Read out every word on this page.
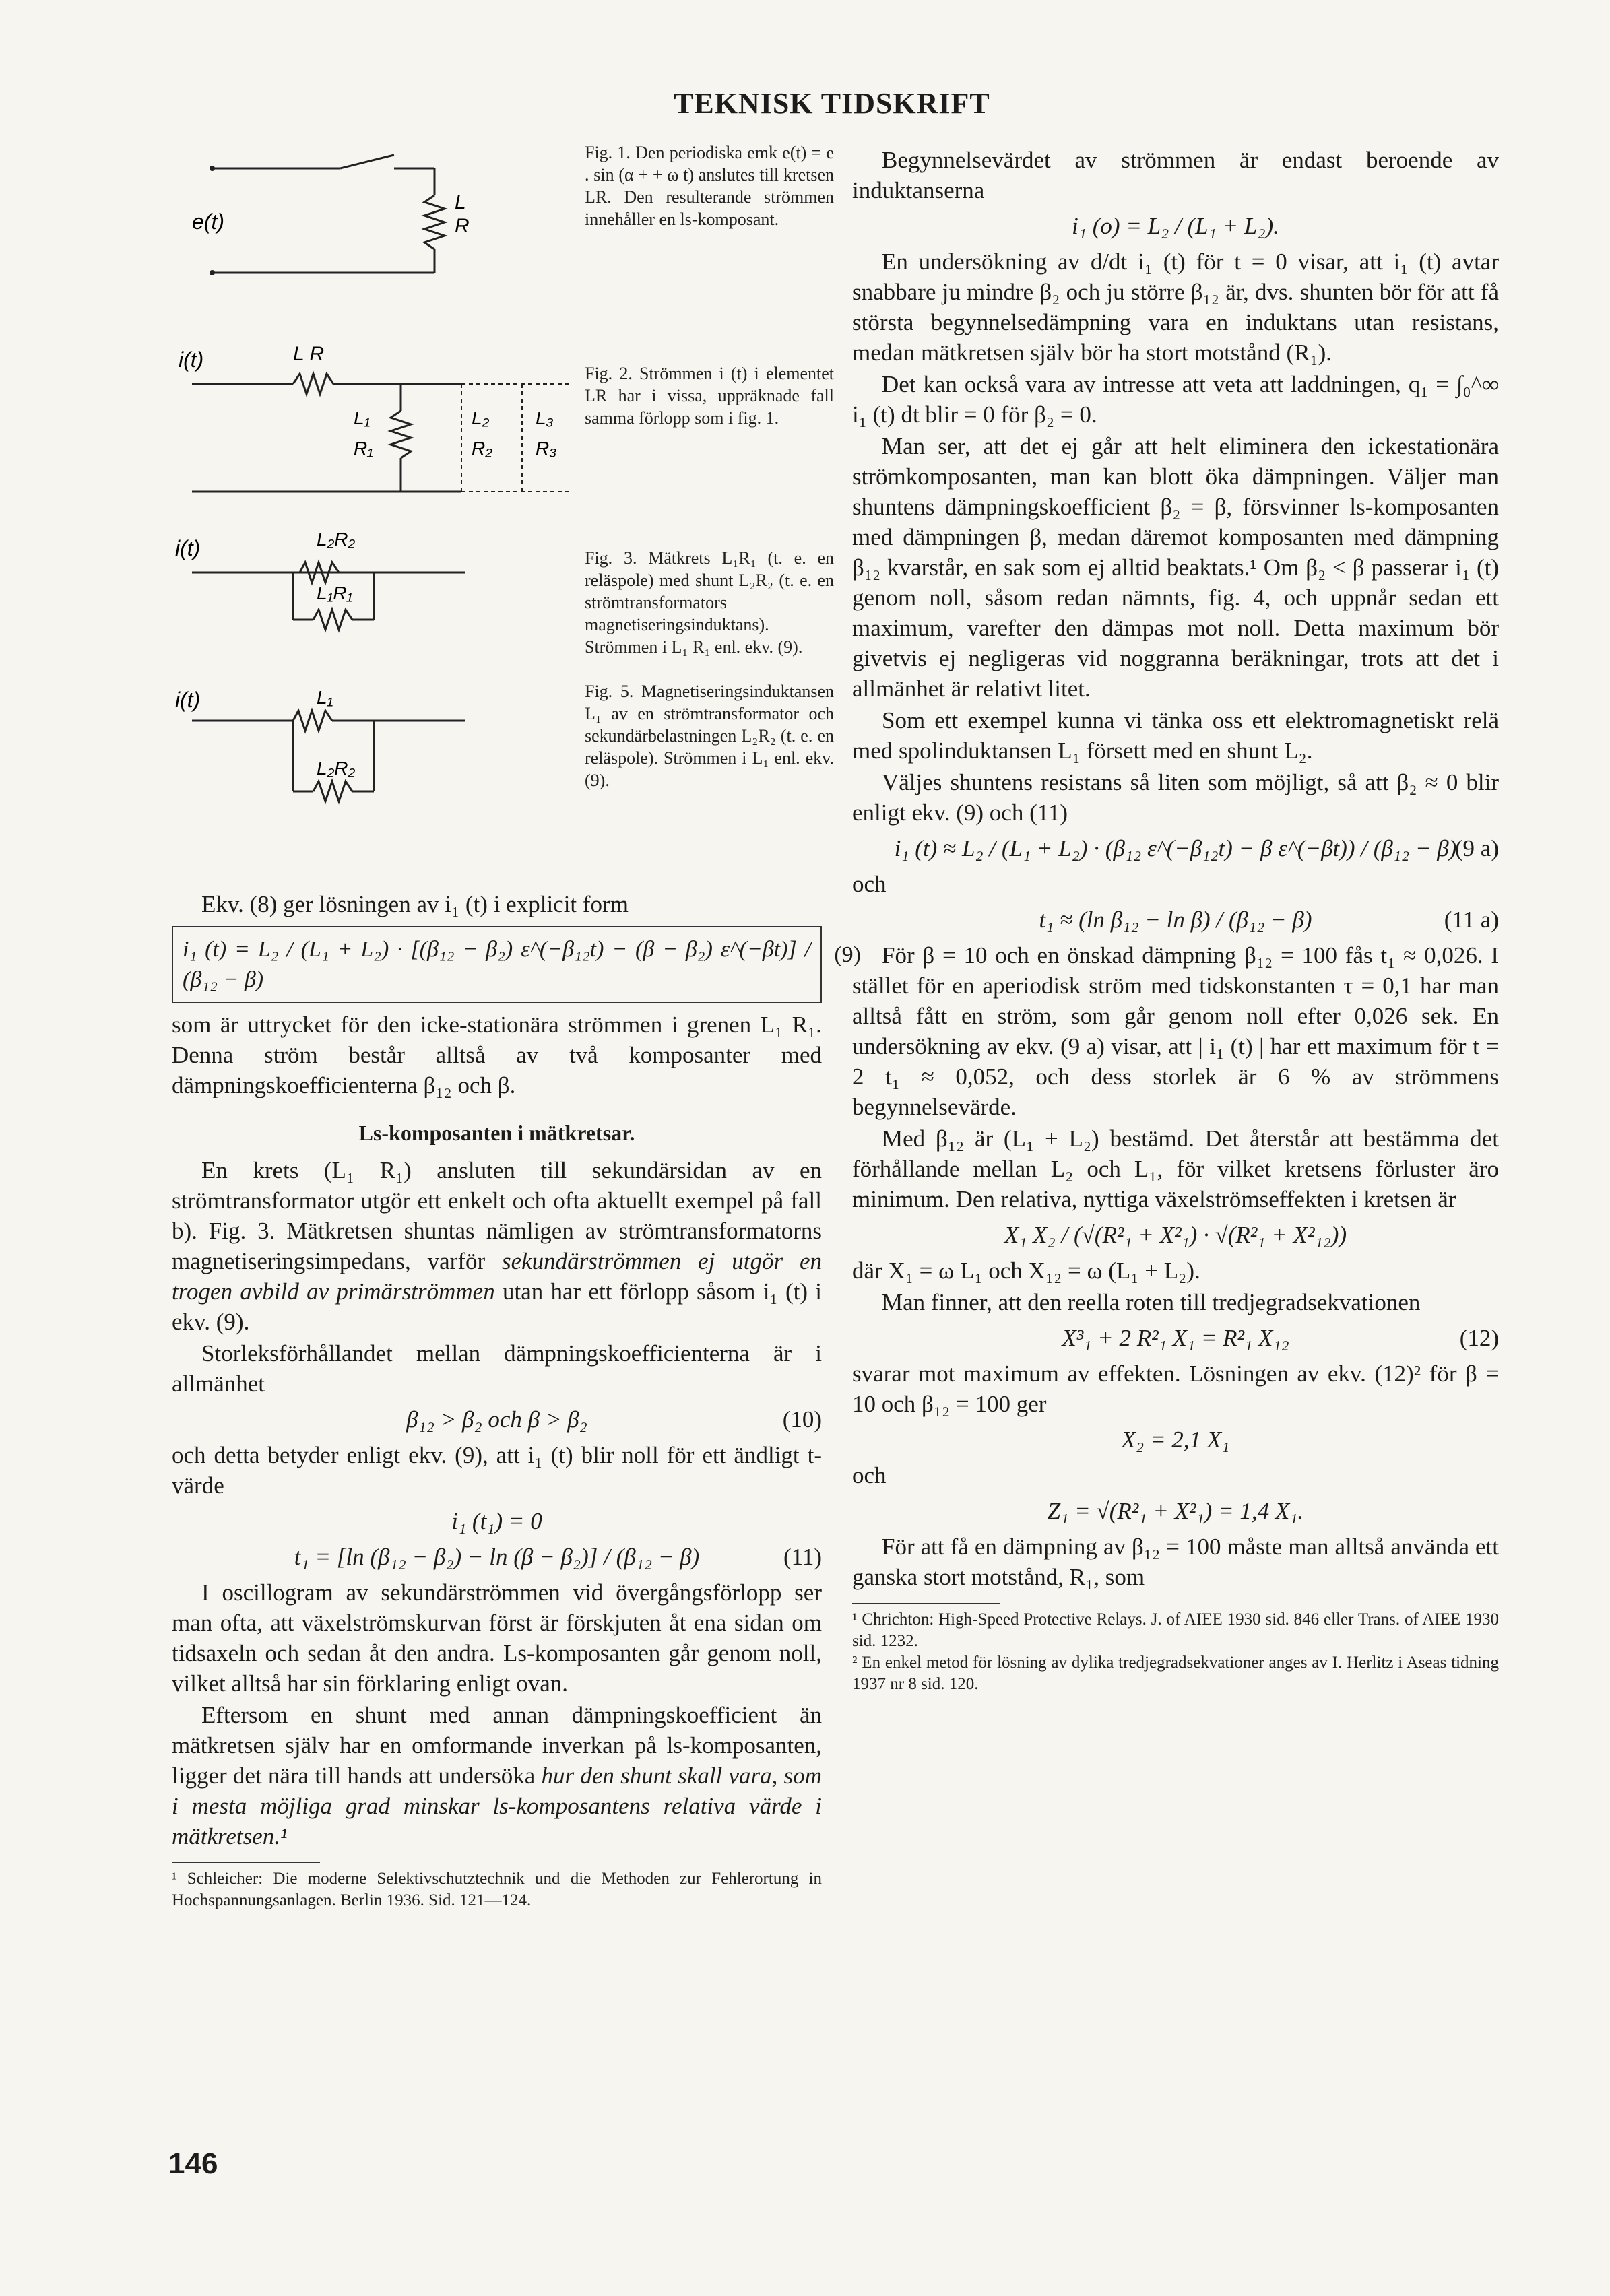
TEKNISK TIDSKRIFT
e(t)
L
R
Fig. 1. Den periodiska emk e(t) = e . sin (α + + ω t) anslutes till kretsen LR. Den resulterande strömmen innehåller en ls-komposant.
i(t)	L R
L₁
R₁
L₂
R₂
L₃
R₃
Fig. 2. Strömmen i (t) i elementet LR har i vissa, uppräknade fall samma förlopp som i fig. 1.
i(t)	L₂R₂
L₁R₁
Fig. 3. Mätkrets L₁R₁ (t. e. en reläspole) med shunt L₂R₂ (t. e. en strömtransformators magnetiseringsinduktans). Strömmen i L₁ R₁ enl. ekv. (9).
i(t)	L₁
L₂R₂
Fig. 5. Magnetiseringsinduktansen L₁ av en strömtransformator och sekundärbelastningen L₂R₂ (t. e. en reläspole). Strömmen i L₁ enl. ekv. (9).

Ekv. (8) ger lösningen av i₁ (t) i explicit form

i₁ (t) = L₂ / (L₁ + L₂) · [(β₁₂ − β₂) ε^(−β₁₂t) − (β − β₂) ε^(−βt)] / (β₁₂ − β)
(9)

som är uttrycket för den icke-stationära strömmen i grenen L₁ R₁. Denna ström består alltså av två komposanter med dämpningskoefficienterna β₁₂ och β.

Ls-komposanten i mätkretsar.

En krets (L₁ R₁) ansluten till sekundärsidan av en strömtransformator utgör ett enkelt och ofta aktuellt exempel på fall b). Fig. 3. Mätkretsen shuntas nämligen av strömtransformatorns magnetiseringsimpedans, varför sekundärströmmen ej utgör en trogen avbild av primärströmmen utan har ett förlopp såsom i₁ (t) i ekv. (9).

Storleksförhållandet mellan dämpningskoefficienterna är i allmänhet

β₁₂ > β₂ och β > β₂	(10)

och detta betyder enligt ekv. (9), att i₁ (t) blir noll för ett ändligt t-värde

i₁ (t₁) = 0
t₁ = [ln (β₁₂ − β₂) − ln (β − β₂)] / (β₁₂ − β)	(11)

I oscillogram av sekundärströmmen vid övergångsförlopp ser man ofta, att växelströmskurvan först är förskjuten åt ena sidan om tidsaxeln och sedan åt den andra. Ls-komposanten går genom noll, vilket alltså har sin förklaring enligt ovan.

Eftersom en shunt med annan dämpningskoefficient än mätkretsen själv har en omformande inverkan på ls-komposanten, ligger det nära till hands att undersöka hur den shunt skall vara, som i mesta möjliga grad minskar ls-komposantens relativa värde i mätkretsen.¹

¹ Schleicher: Die moderne Selektivschutztechnik und die Methoden zur Fehlerortung in Hochspannungsanlagen. Berlin 1936. Sid. 121—124.

Begynnelsevärdet av strömmen är endast beroende av induktanserna

i₁ (o) = L₂ / (L₁ + L₂).

En undersökning av d/dt i₁ (t) för t = 0 visar, att i₁ (t) avtar snabbare ju mindre β₂ och ju större β₁₂ är, dvs. shunten bör för att få största begynnelsedämpning vara en induktans utan resistans, medan mätkretsen själv bör ha stort motstånd (R₁).

Det kan också vara av intresse att veta att laddningen, q₁ = ∫₀^∞ i₁ (t) dt blir = 0 för β₂ = 0.

Man ser, att det ej går att helt eliminera den ickestationära strömkomposanten, man kan blott öka dämpningen. Väljer man shuntens dämpningskoefficient β₂ = β, försvinner ls-komposanten med dämpningen β, medan däremot komposanten med dämpning β₁₂ kvarstår, en sak som ej alltid beaktats.¹ Om β₂ < β passerar i₁ (t) genom noll, såsom redan nämnts, fig. 4, och uppnår sedan ett maximum, varefter den dämpas mot noll. Detta maximum bör givetvis ej negligeras vid noggranna beräkningar, trots att det i allmänhet är relativt litet.

Som ett exempel kunna vi tänka oss ett elektromagnetiskt relä med spolinduktansen L₁ försett med en shunt L₂.

Väljes shuntens resistans så liten som möjligt, så att β₂ ≈ 0 blir enligt ekv. (9) och (11)

i₁ (t) ≈ L₂ / (L₁ + L₂) · (β₁₂ ε^(−β₁₂t) − β ε^(−βt)) / (β₁₂ − β)
(9 a)

och

t₁ ≈ (ln β₁₂ − ln β) / (β₁₂ − β)	(11 a)

För β = 10 och en önskad dämpning β₁₂ = 100 fås t₁ ≈ 0,026. I stället för en aperiodisk ström med tidskonstanten τ = 0,1 har man alltså fått en ström, som går genom noll efter 0,026 sek. En undersökning av ekv. (9 a) visar, att | i₁ (t) | har ett maximum för t = 2 t₁ ≈ 0,052, och dess storlek är 6 % av strömmens begynnelsevärde.

Med β₁₂ är (L₁ + L₂) bestämd. Det återstår att bestämma det förhållande mellan L₂ och L₁, för vilket kretsens förluster äro minimum. Den relativa, nyttiga växelströmseffekten i kretsen är

X₁ X₂ / (√(R²₁ + X²₁) · √(R²₁ + X²₁₂))

där X₁ = ω L₁ och X₁₂ = ω (L₁ + L₂).

Man finner, att den reella roten till tredjegradsekvationen

X³₁ + 2 R²₁ X₁ = R²₁ X₁₂	(12)

svarar mot maximum av effekten. Lösningen av ekv. (12)² för β = 10 och β₁₂ = 100 ger

X₂ = 2,1 X₁

och

Z₁ = √(R²₁ + X²₁) = 1,4 X₁.

För att få en dämpning av β₁₂ = 100 måste man alltså använda ett ganska stort motstånd, R₁, som

¹ Chrichton: High-Speed Protective Relays. J. of AIEE 1930 sid. 846 eller Trans. of AIEE 1930 sid. 1232.
² En enkel metod för lösning av dylika tredjegradsekvationer anges av I. Herlitz i Aseas tidning 1937 nr 8 sid. 120.
146
